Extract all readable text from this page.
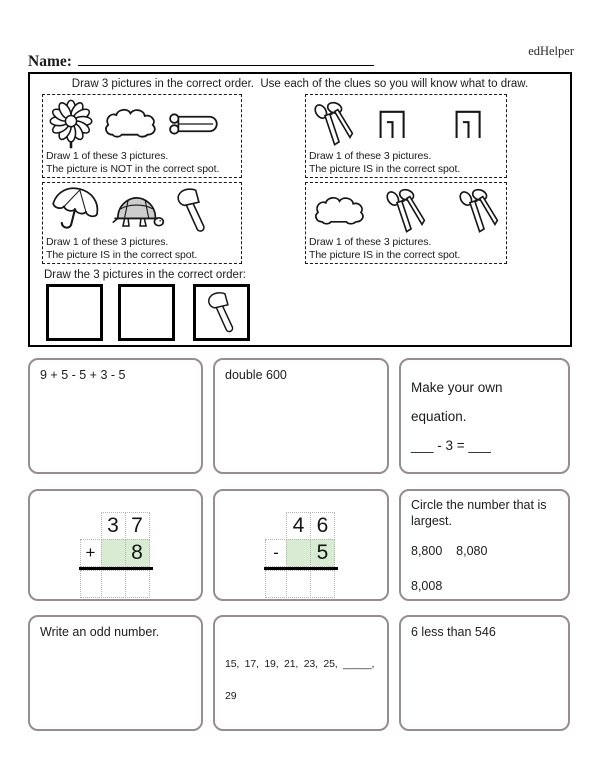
edHelper
Name:
Draw 3 pictures in the correct order.  Use each of the clues so you will know what to draw.
Draw 1 of these 3 pictures.
The picture is NOT in the correct spot.
Draw 1 of these 3 pictures.
The picture IS in the correct spot.
Draw 1 of these 3 pictures.
The picture IS in the correct spot.
Draw 1 of these 3 pictures.
The picture IS in the correct spot.
Draw the 3 pictures in the correct order:
9 + 5 - 5 + 3 - 5	double 600
Make your own
equation.
___ - 3 = ___
3 7
+	8
4 6
-	5
Circle the number that is
largest.
8,800    8,080
8,008
Write an odd number.
15,  17,  19,  21,  23,  25,  _____,
29
6 less than 546
